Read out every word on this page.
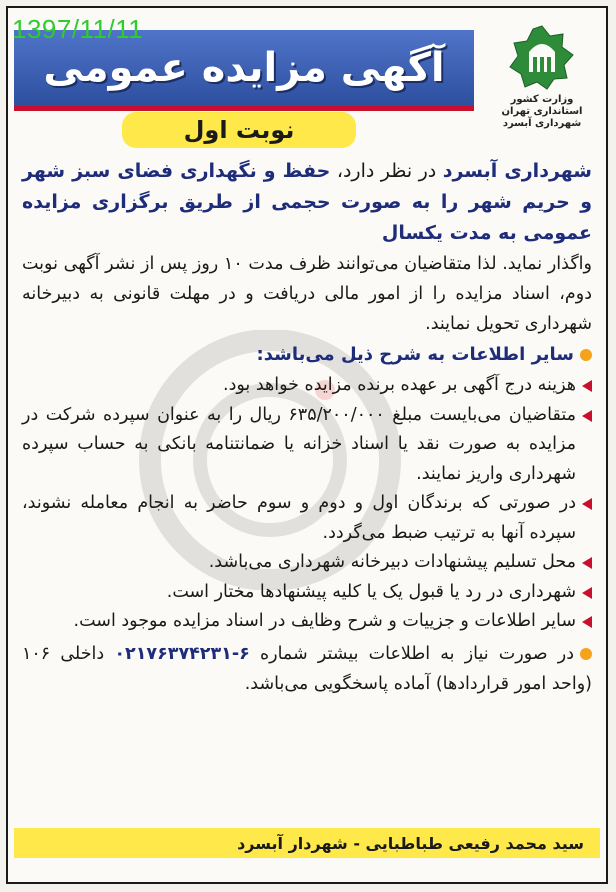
1397/11/11
آگهی مزایده عمومی
وزارت کشور
استانداری تهران
شهرداری آبسرد
نوبت اول

شهرداری آبسرد در نظر دارد، حفظ و نگهداری فضای سبز شهر و حریم شهر را به صورت حجمی از طریق برگزاری مزایده عمومی به مدت یکسال

واگذار نماید. لذا متقاضیان می‌توانند ظرف مدت ۱۰ روز پس از نشر آگهی نوبت دوم، اسناد مزایده را از امور مالی دریافت و در مهلت قانونی به دبیرخانه شهرداری تحویل نمایند.

سایر اطلاعات به شرح ذیل می‌باشد:
هزینه درج آگهی بر عهده برنده مزایده خواهد بود.
متقاضیان می‌بایست مبلغ ۶۳۵/۲۰۰/۰۰۰ ریال را به عنوان سپرده شرکت در مزایده به صورت نقد یا اسناد خزانه یا ضمانتنامه بانکی به حساب سپرده شهرداری واریز نمایند.
در صورتی که برندگان اول و دوم و سوم حاضر به انجام معامله نشوند، سپرده آنها به ترتیب ضبط می‌گردد.
محل تسلیم پیشنهادات دبیرخانه شهرداری می‌باشد.
شهرداری در رد یا قبول یک یا کلیه پیشنهادها مختار است.
سایر اطلاعات و جزییات و شرح وظایف در اسناد مزایده موجود است.

در صورت نیاز به اطلاعات بیشتر شماره ۰۲۱۷۶۳۷۴۲۳۱-۶ داخلی ۱۰۶ (واحد امور قراردادها) آماده پاسخگویی می‌باشد.

سید محمد رفیعی طباطبایی - شهردار آبسرد
